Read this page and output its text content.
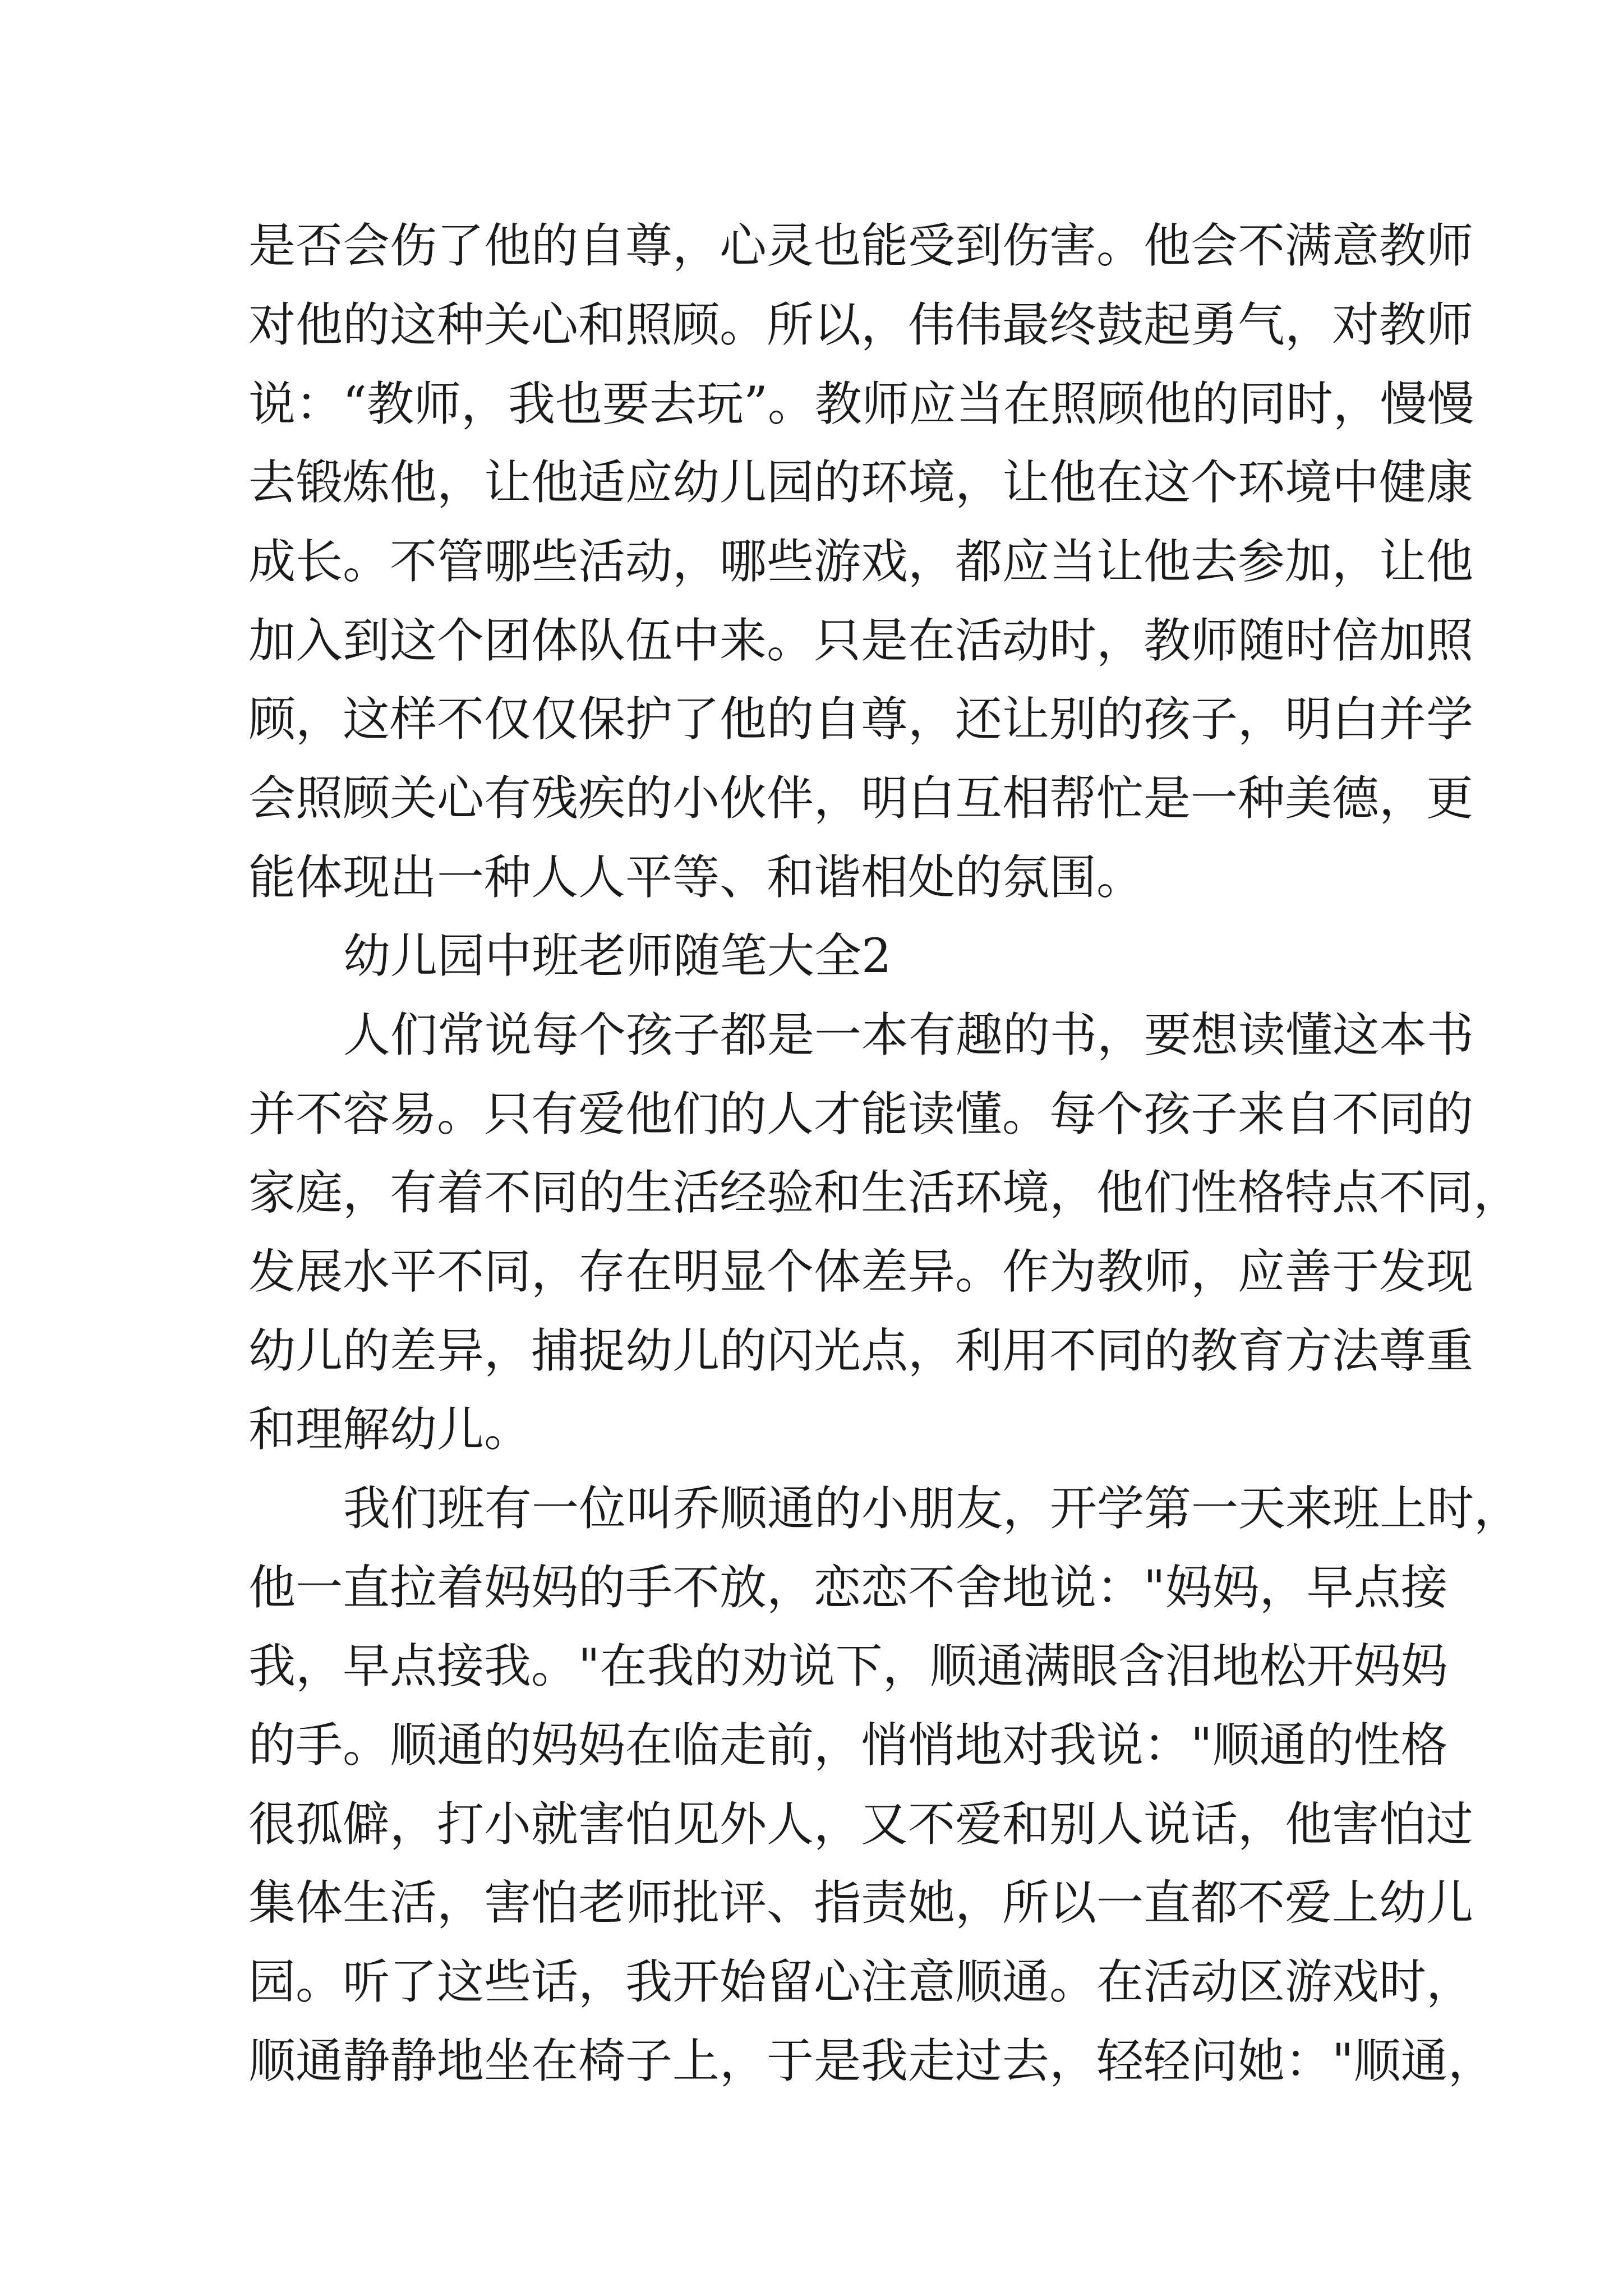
是否会伤了他的自尊，心灵也能受到伤害。他会不满意教师
对他的这种关心和照顾。所以，伟伟最终鼓起勇气，对教师
说：“教师，我也要去玩”。教师应当在照顾他的同时，慢慢
去锻炼他，让他适应幼儿园的环境，让他在这个环境中健康
成长。不管哪些活动，哪些游戏，都应当让他去参加，让他
加入到这个团体队伍中来。只是在活动时，教师随时倍加照
顾，这样不仅仅保护了他的自尊，还让别的孩子，明白并学
会照顾关心有残疾的小伙伴，明白互相帮忙是一种美德，更
能体现出一种人人平等、和谐相处的氛围。
幼儿园中班老师随笔大全2
人们常说每个孩子都是一本有趣的书，要想读懂这本书
并不容易。只有爱他们的人才能读懂。每个孩子来自不同的
家庭，有着不同的生活经验和生活环境，他们性格特点不同，
发展水平不同，存在明显个体差异。作为教师，应善于发现
幼儿的差异，捕捉幼儿的闪光点，利用不同的教育方法尊重
和理解幼儿。
我们班有一位叫乔顺通的小朋友，开学第一天来班上时，
他一直拉着妈妈的手不放，恋恋不舍地说："妈妈，早点接
我，早点接我。"在我的劝说下，顺通满眼含泪地松开妈妈
的手。顺通的妈妈在临走前，悄悄地对我说："顺通的性格
很孤僻，打小就害怕见外人，又不爱和别人说话，他害怕过
集体生活，害怕老师批评、指责她，所以一直都不爱上幼儿
园。听了这些话，我开始留心注意顺通。在活动区游戏时，
顺通静静地坐在椅子上，于是我走过去，轻轻问她："顺通，
